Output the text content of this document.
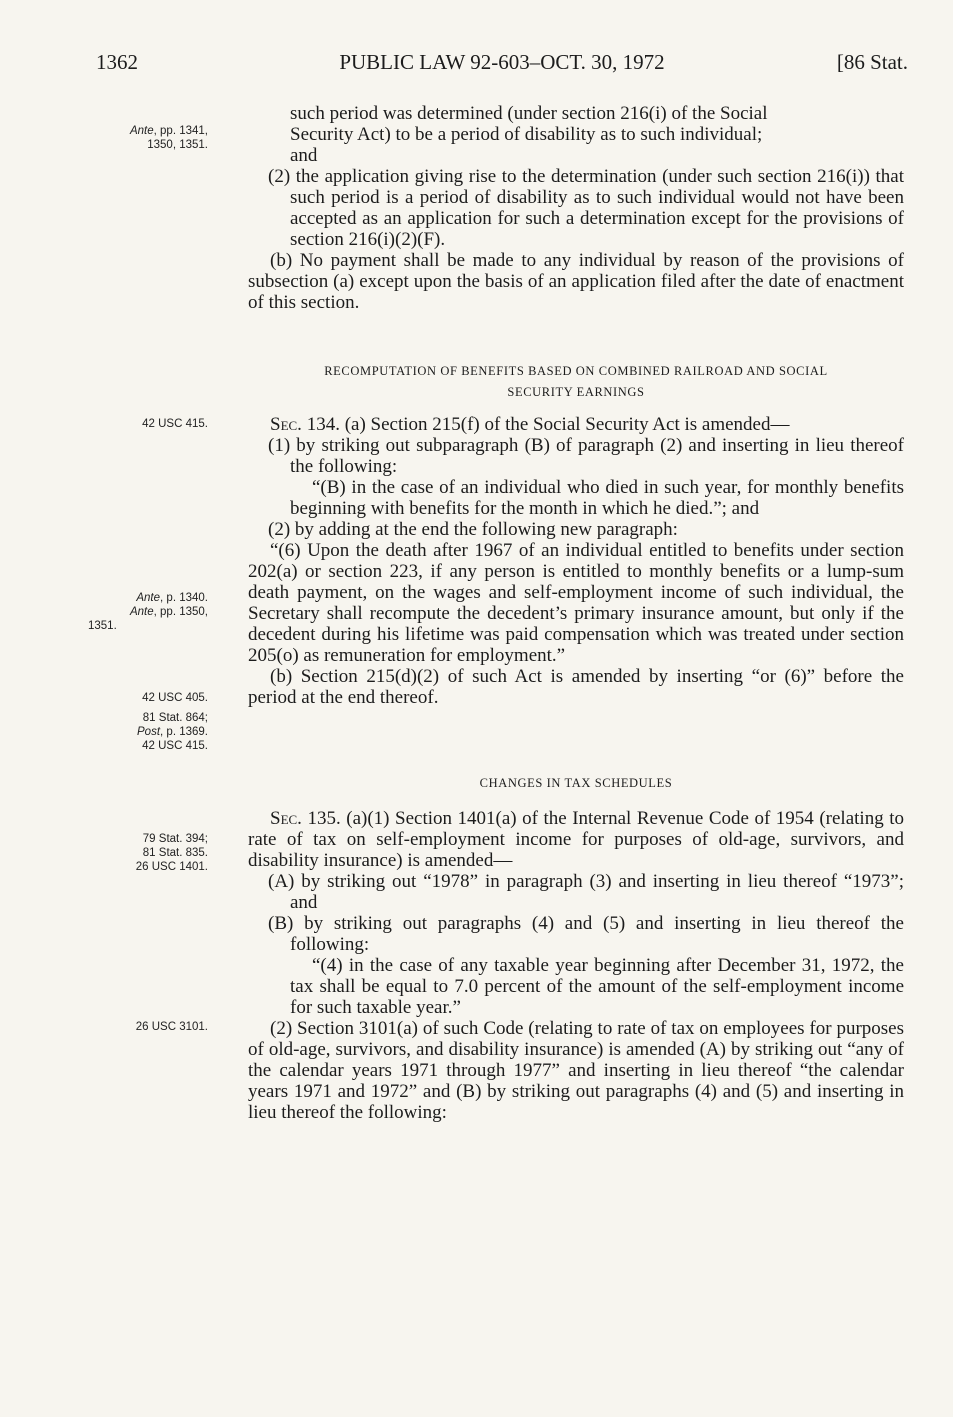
1362	PUBLIC LAW 92-603–OCT. 30, 1972	[86 Stat.
Ante, pp. 1341,
1350, 1351.
42 USC 415.
Ante, p. 1340.
Ante, pp. 1350,
1351.
42 USC 405.
81 Stat. 864;
Post, p. 1369.
42 USC 415.
79 Stat. 394;
81 Stat. 835.
26 USC 1401.
26 USC 3101.

such period was determined (under section 216(i) of the Social

Security Act) to be a period of disability as to such individual;

and

(2) the application giving rise to the determination (under such section 216(i)) that such period is a period of disability as to such individual would not have been accepted as an application for such a determination except for the provisions of section 216(i)(2)(F).

(b) No payment shall be made to any individual by reason of the provisions of subsection (a) except upon the basis of an application filed after the date of enactment of this section.

RECOMPUTATION OF BENEFITS BASED ON COMBINED RAILROAD AND SOCIAL
SECURITY EARNINGS

Sec. 134. (a) Section 215(f) of the Social Security Act is amended—

(1) by striking out subparagraph (B) of paragraph (2) and inserting in lieu thereof the following:

“(B) in the case of an individual who died in such year, for monthly benefits beginning with benefits for the month in which he died.”; and

(2) by adding at the end the following new paragraph:

“(6) Upon the death after 1967 of an individual entitled to benefits under section 202(a) or section 223, if any person is entitled to monthly benefits or a lump-sum death payment, on the wages and self-employment income of such individual, the Secretary shall recompute the decedent’s primary insurance amount, but only if the decedent during his lifetime was paid compensation which was treated under section 205(o) as remuneration for employment.”

(b) Section 215(d)(2) of such Act is amended by inserting “or (6)” before the period at the end thereof.

CHANGES IN TAX SCHEDULES

Sec. 135. (a)(1) Section 1401(a) of the Internal Revenue Code of 1954 (relating to rate of tax on self-employment income for purposes of old-age, survivors, and disability insurance) is amended—

(A) by striking out “1978” in paragraph (3) and inserting in lieu thereof “1973”; and

(B) by striking out paragraphs (4) and (5) and inserting in lieu thereof the following:

“(4) in the case of any taxable year beginning after December 31, 1972, the tax shall be equal to 7.0 percent of the amount of the self-employment income for such taxable year.”

(2) Section 3101(a) of such Code (relating to rate of tax on employees for purposes of old-age, survivors, and disability insurance) is amended (A) by striking out “any of the calendar years 1971 through 1977” and inserting in lieu thereof “the calendar years 1971 and 1972” and (B) by striking out paragraphs (4) and (5) and inserting in lieu thereof the following:
